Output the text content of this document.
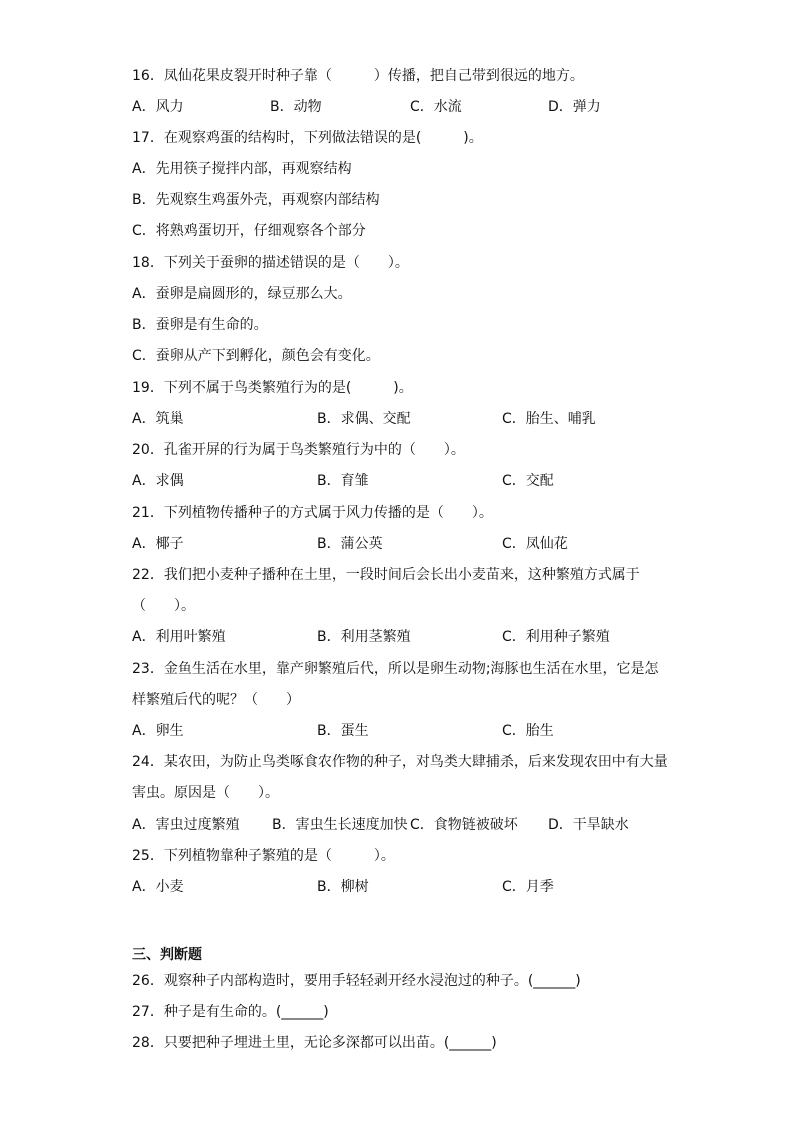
16．凤仙花果皮裂开时种子靠（　　　）传播，把自己带到很远的地方。
A．风力	B．动物	C．水流	D．弹力
17．在观察鸡蛋的结构时，下列做法错误的是(　　　)。
A．先用筷子搅拌内部，再观察结构
B．先观察生鸡蛋外壳，再观察内部结构
C．将熟鸡蛋切开，仔细观察各个部分
18．下列关于蚕卵的描述错误的是（　　）。
A．蚕卵是扁圆形的，绿豆那么大。
B．蚕卵是有生命的。
C．蚕卵从产下到孵化，颜色会有变化。
19．下列不属于鸟类繁殖行为的是(　　　)。
A．筑巢	B．求偶、交配	C．胎生、哺乳
20．孔雀开屏的行为属于鸟类繁殖行为中的（　　）。
A．求偶	B．育雏	C．交配
21．下列植物传播种子的方式属于风力传播的是（　　）。
A．椰子	B．蒲公英	C．凤仙花
22．我们把小麦种子播种在土里，一段时间后会长出小麦苗来，这种繁殖方式属于
（　　）。
A．利用叶繁殖	B．利用茎繁殖	C．利用种子繁殖
23．金鱼生活在水里，靠产卵繁殖后代，所以是卵生动物;海豚也生活在水里，它是怎
样繁殖后代的呢？（　　）
A．卵生	B．蛋生	C．胎生
24．某农田，为防止鸟类啄食农作物的种子，对鸟类大肆捕杀，后来发现农田中有大量
害虫。原因是（　　）。
A．害虫过度繁殖 B．害虫生长速度加快 C．食物链被破坏 D．干旱缺水
25．下列植物靠种子繁殖的是（　　　）。
A．小麦	B．柳树	C．月季
三、判断题
26．观察种子内部构造时，要用手轻轻剥开经水浸泡过的种子。(______)
27．种子是有生命的。(______)
28．只要把种子埋进土里，无论多深都可以出苗。(______)
